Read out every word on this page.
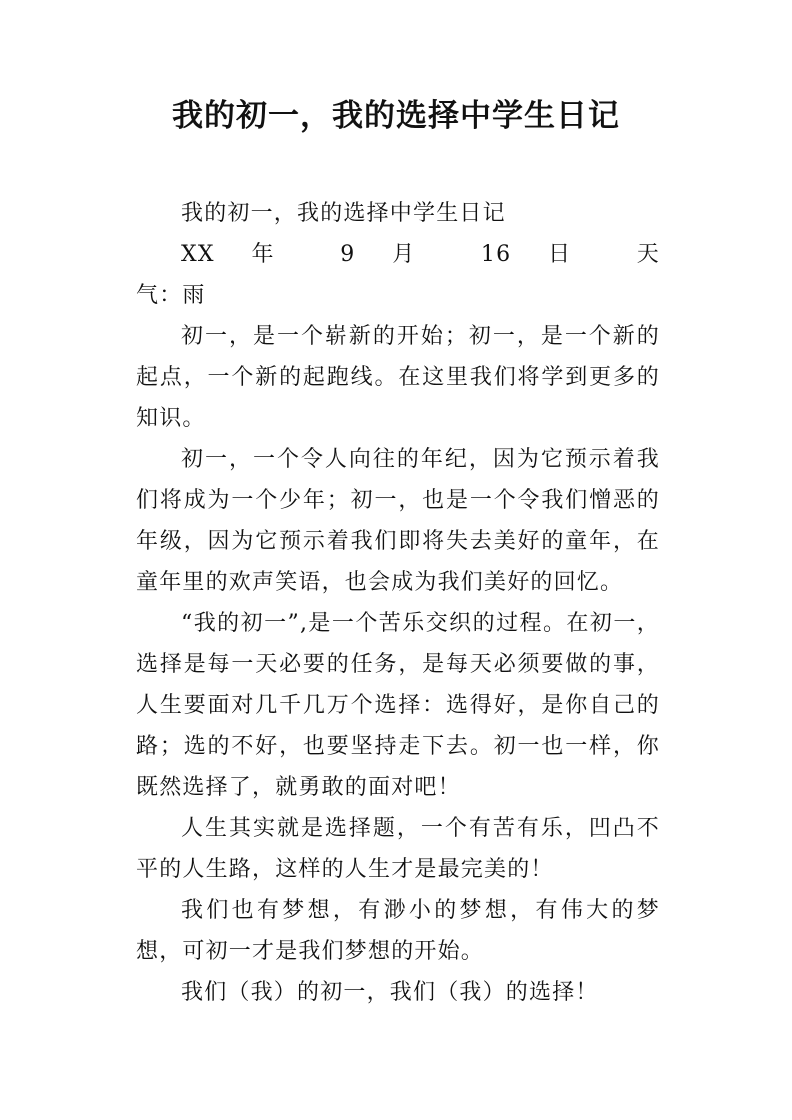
我的初一，我的选择中学生日记

我的初一，我的选择中学生日记

XX 年 9 月 16 日 天

气：雨

初一，是一个崭新的开始；初一，是一个新的起点，一个新的起跑线。在这里我们将学到更多的知识。

初一，一个令人向往的年纪，因为它预示着我们将成为一个少年；初一，也是一个令我们憎恶的年级，因为它预示着我们即将失去美好的童年，在童年里的欢声笑语，也会成为我们美好的回忆。

“我的初一”,是一个苦乐交织的过程。在初一，选择是每一天必要的任务，是每天必须要做的事，人生要面对几千几万个选择：选得好，是你自己的路；选的不好，也要坚持走下去。初一也一样，你既然选择了，就勇敢的面对吧！

人生其实就是选择题，一个有苦有乐，凹凸不平的人生路，这样的人生才是最完美的！

我们也有梦想，有渺小的梦想，有伟大的梦想，可初一才是我们梦想的开始。

我们（我）的初一，我们（我）的选择！
